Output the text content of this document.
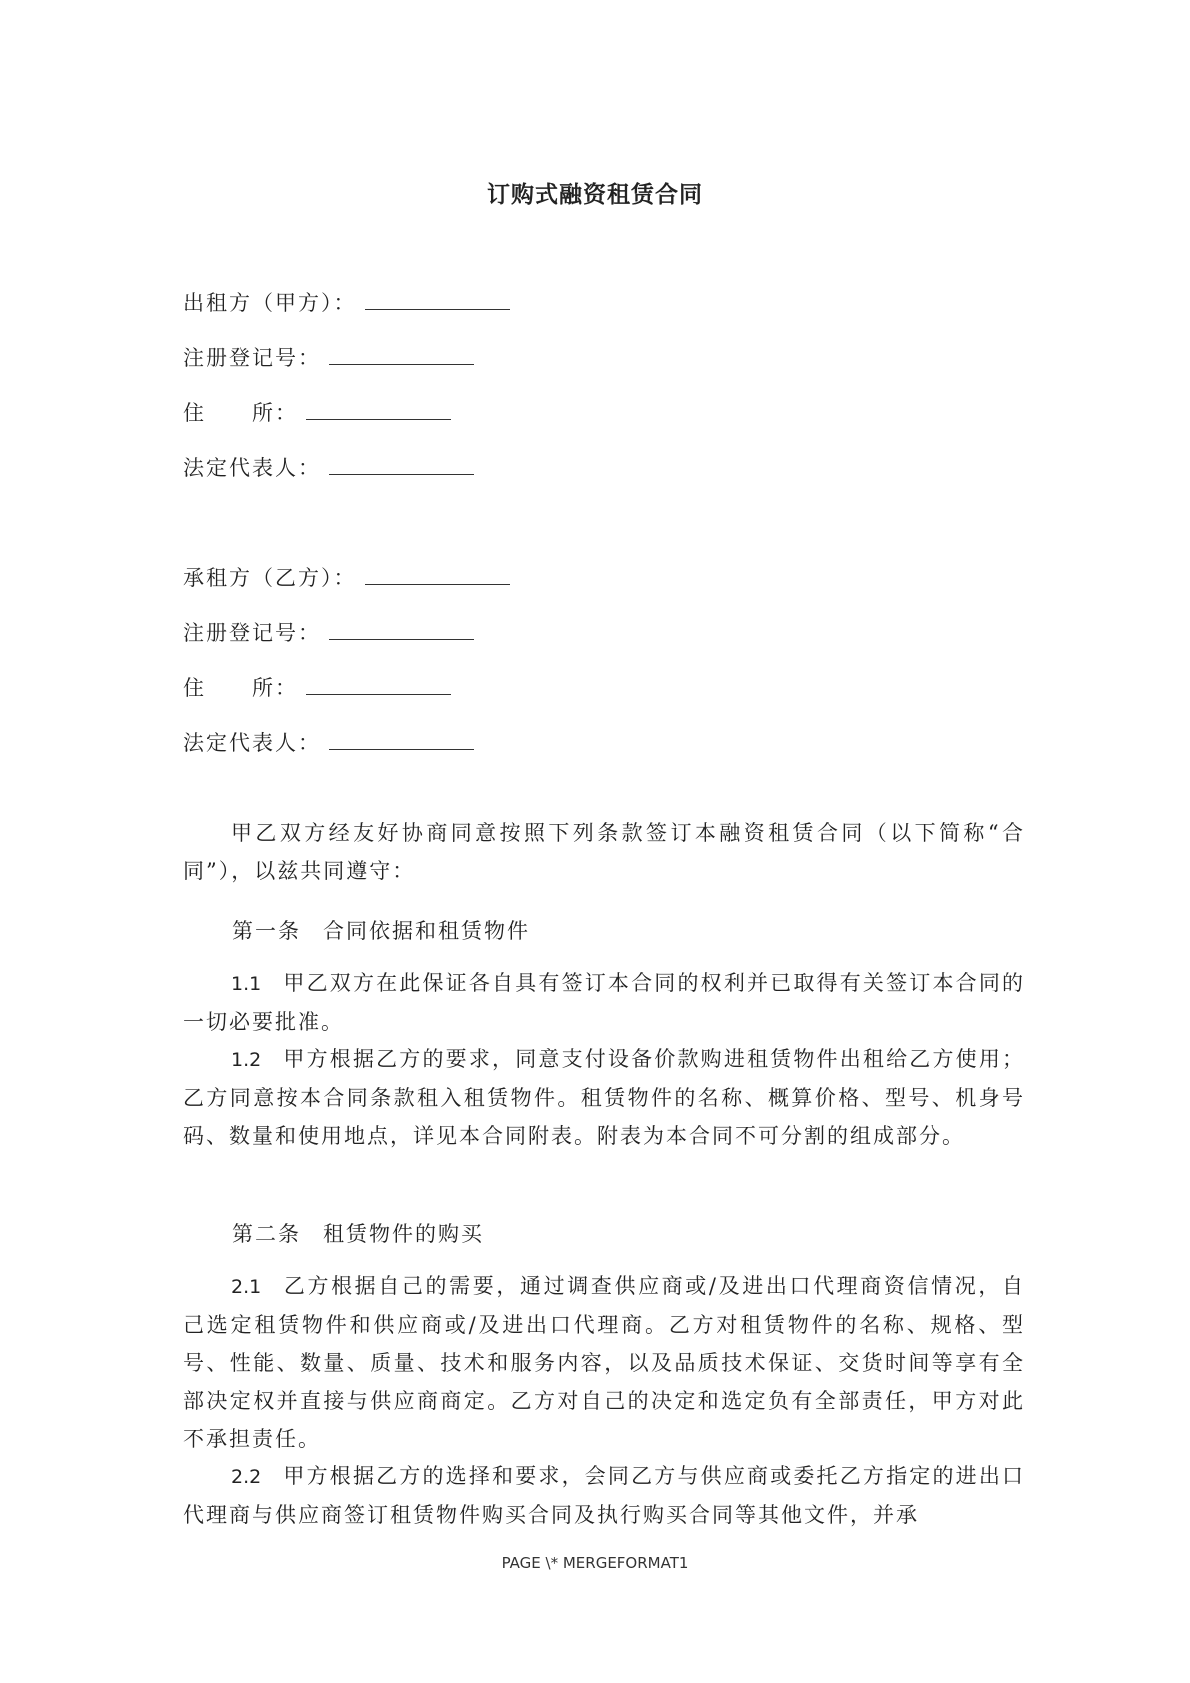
订购式融资租赁合同
出租方（甲方）：
注册登记号：
住　　所：
法定代表人：
承租方（乙方）：
注册登记号：
住　　所：
法定代表人：
甲乙双方经友好协商同意按照下列条款签订本融资租赁合同（以下简称“合同”），以兹共同遵守：
第一条 合同依据和租赁物件
1.1 甲乙双方在此保证各自具有签订本合同的权利并已取得有关签订本合同的一切必要批准。
1.2 甲方根据乙方的要求，同意支付设备价款购进租赁物件出租给乙方使用；乙方同意按本合同条款租入租赁物件。租赁物件的名称、概算价格、型号、机身号码、数量和使用地点，详见本合同附表。附表为本合同不可分割的组成部分。
第二条 租赁物件的购买
2.1 乙方根据自己的需要，通过调查供应商或/及进出口代理商资信情况，自己选定租赁物件和供应商或/及进出口代理商。乙方对租赁物件的名称、规格、型号、性能、数量、质量、技术和服务内容，以及品质技术保证、交货时间等享有全部决定权并直接与供应商商定。乙方对自己的决定和选定负有全部责任，甲方对此不承担责任。
2.2 甲方根据乙方的选择和要求，会同乙方与供应商或委托乙方指定的进出口代理商与供应商签订租赁物件购买合同及执行购买合同等其他文件，并承
PAGE \* MERGEFORMAT1
